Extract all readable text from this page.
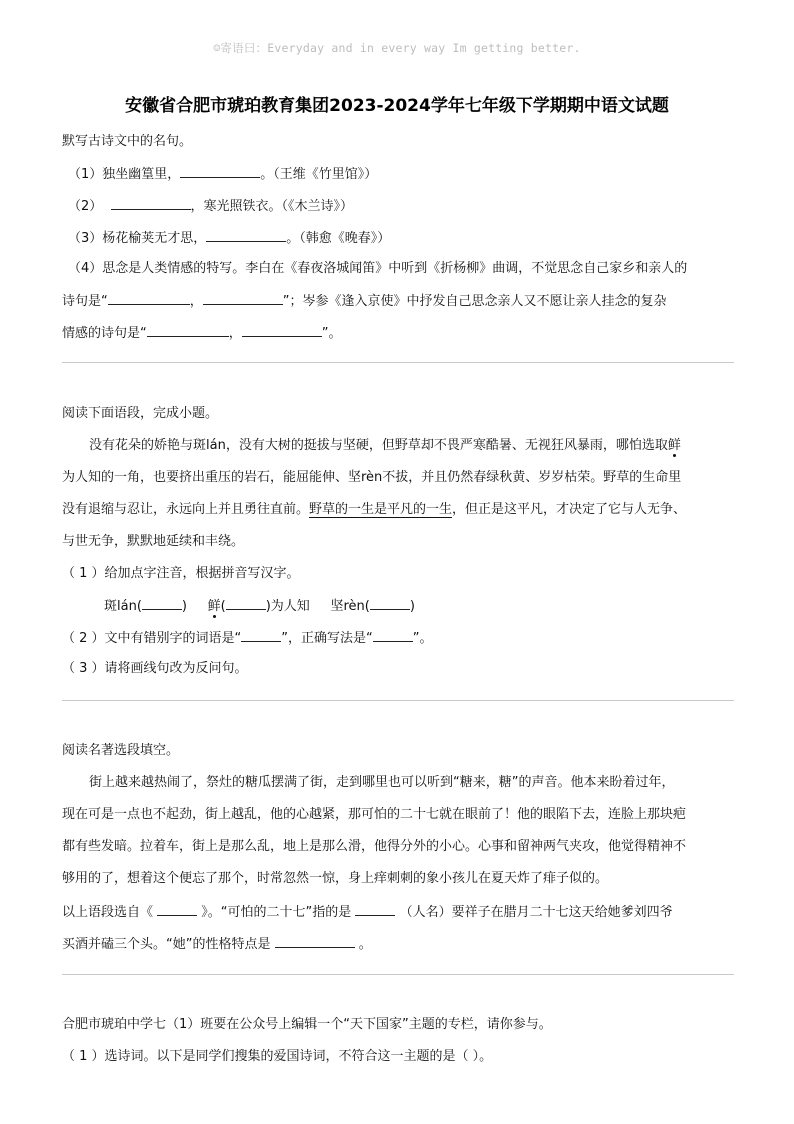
☺寄语曰：Everyday and in every way Im getting better.
安徽省合肥市琥珀教育集团2023-2024学年七年级下学期期中语文试题
默写古诗文中的名句。
（1）独坐幽篁里，	。（王维《竹里馆》）
（2）	，寒光照铁衣。（《木兰诗》）
（3）杨花榆荚无才思，	。（韩愈《晚春》）
（4）思念是人类情感的特写。李白在《春夜洛城闻笛》中听到《折杨柳》曲调，不觉思念自己家乡和亲人的
诗句是“	，	”；岑参《逢入京使》中抒发自己思念亲人又不愿让亲人挂念的复杂
情感的诗句是“	，	”。
阅读下面语段，完成小题。
没有花朵的娇艳与斑lán，没有大树的挺拔与坚硬，但野草却不畏严寒酷暑、无视狂风暴雨，哪怕选取鲜
为人知的一角，也要挤出重压的岩石，能屈能伸、坚rèn不拔，并且仍然春绿秋黄、岁岁枯荣。野草的生命里
没有退缩与忍让，永远向上并且勇往直前。野草的一生是平凡的一生，但正是这平凡，才决定了它与人无争、
与世无争，默默地延续和丰绕。
（ 1 ）给加点字注音，根据拼音写汉字。
斑lán(	) 鲜(	)为人知 坚rèn(	)
（ 2 ）文中有错别字的词语是“	”，正确写法是“	”。
（ 3 ）请将画线句改为反问句。
阅读名著选段填空。
街上越来越热闹了，祭灶的糖瓜摆满了街，走到哪里也可以听到“糖来，糖”的声音。他本来盼着过年，
现在可是一点也不起劲，街上越乱，他的心越紧，那可怕的二十七就在眼前了！他的眼陷下去，连脸上那块疤
都有些发暗。拉着车，街上是那么乱，地上是那么滑，他得分外的小心。心事和留神两气夹攻，他觉得精神不
够用的了，想着这个便忘了那个，时常忽然一惊，身上痒刺刺的象小孩儿在夏天炸了痱子似的。
以上语段选自《	》。“可怕的二十七”指的是	（人名）要祥子在腊月二十七这天给她爹刘四爷
买酒并磕三个头。“她”的性格特点是	。
合肥市琥珀中学七（1）班要在公众号上编辑一个“天下国家”主题的专栏，请你参与。
（ 1 ）选诗词。以下是同学们搜集的爱国诗词，不符合这一主题的是（ ）。
